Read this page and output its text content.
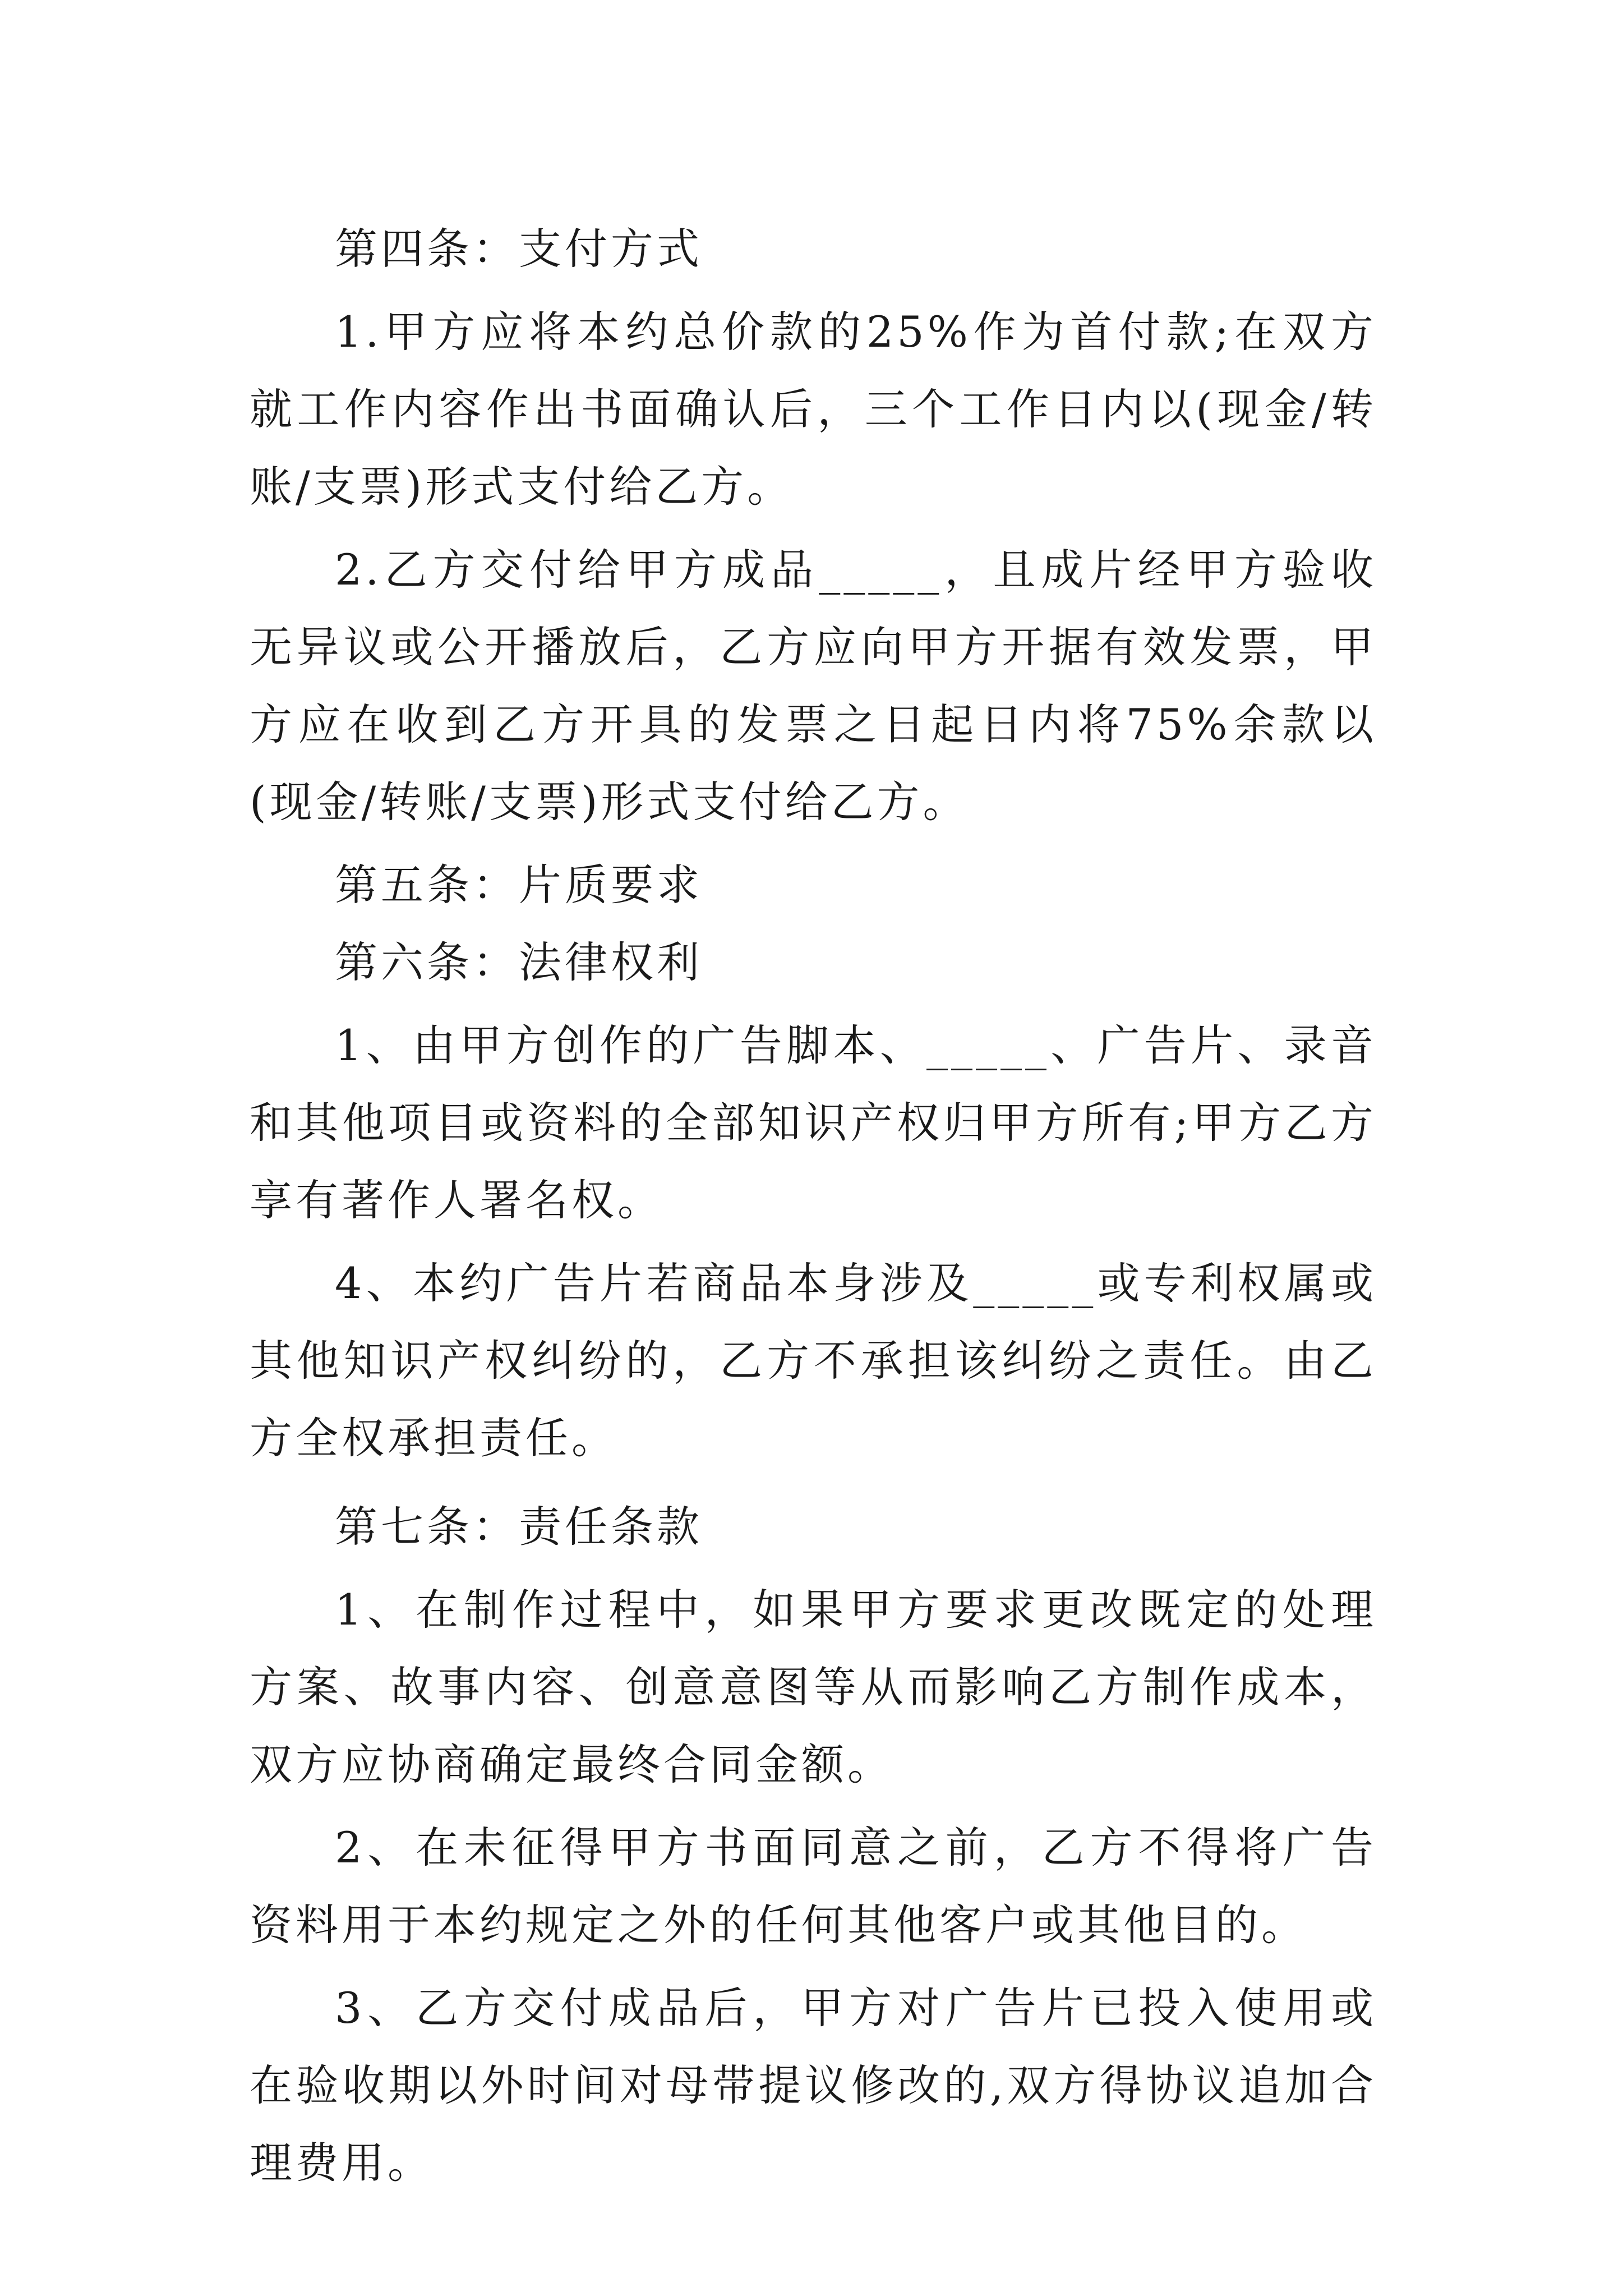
第四条：支付方式

1.甲方应将本约总价款的25%作为首付款;在双方就工作内容作出书面确认后，三个工作日内以(现金/转账/支票)形式支付给乙方。

2.乙方交付给甲方成品_____，且成片经甲方验收无异议或公开播放后，乙方应向甲方开据有效发票，甲方应在收到乙方开具的发票之日起日内将75%余款以(现金/转账/支票)形式支付给乙方。

第五条：片质要求

第六条：法律权利

1、由甲方创作的广告脚本、_____、广告片、录音和其他项目或资料的全部知识产权归甲方所有;甲方乙方享有著作人署名权。

4、本约广告片若商品本身涉及_____或专利权属或其他知识产权纠纷的，乙方不承担该纠纷之责任。由乙方全权承担责任。

第七条：责任条款

1、在制作过程中，如果甲方要求更改既定的处理方案、故事内容、创意意图等从而影响乙方制作成本，双方应协商确定最终合同金额。

2、在未征得甲方书面同意之前，乙方不得将广告资料用于本约规定之外的任何其他客户或其他目的。

3、乙方交付成品后，甲方对广告片已投入使用或在验收期以外时间对母带提议修改的,双方得协议追加合理费用。
